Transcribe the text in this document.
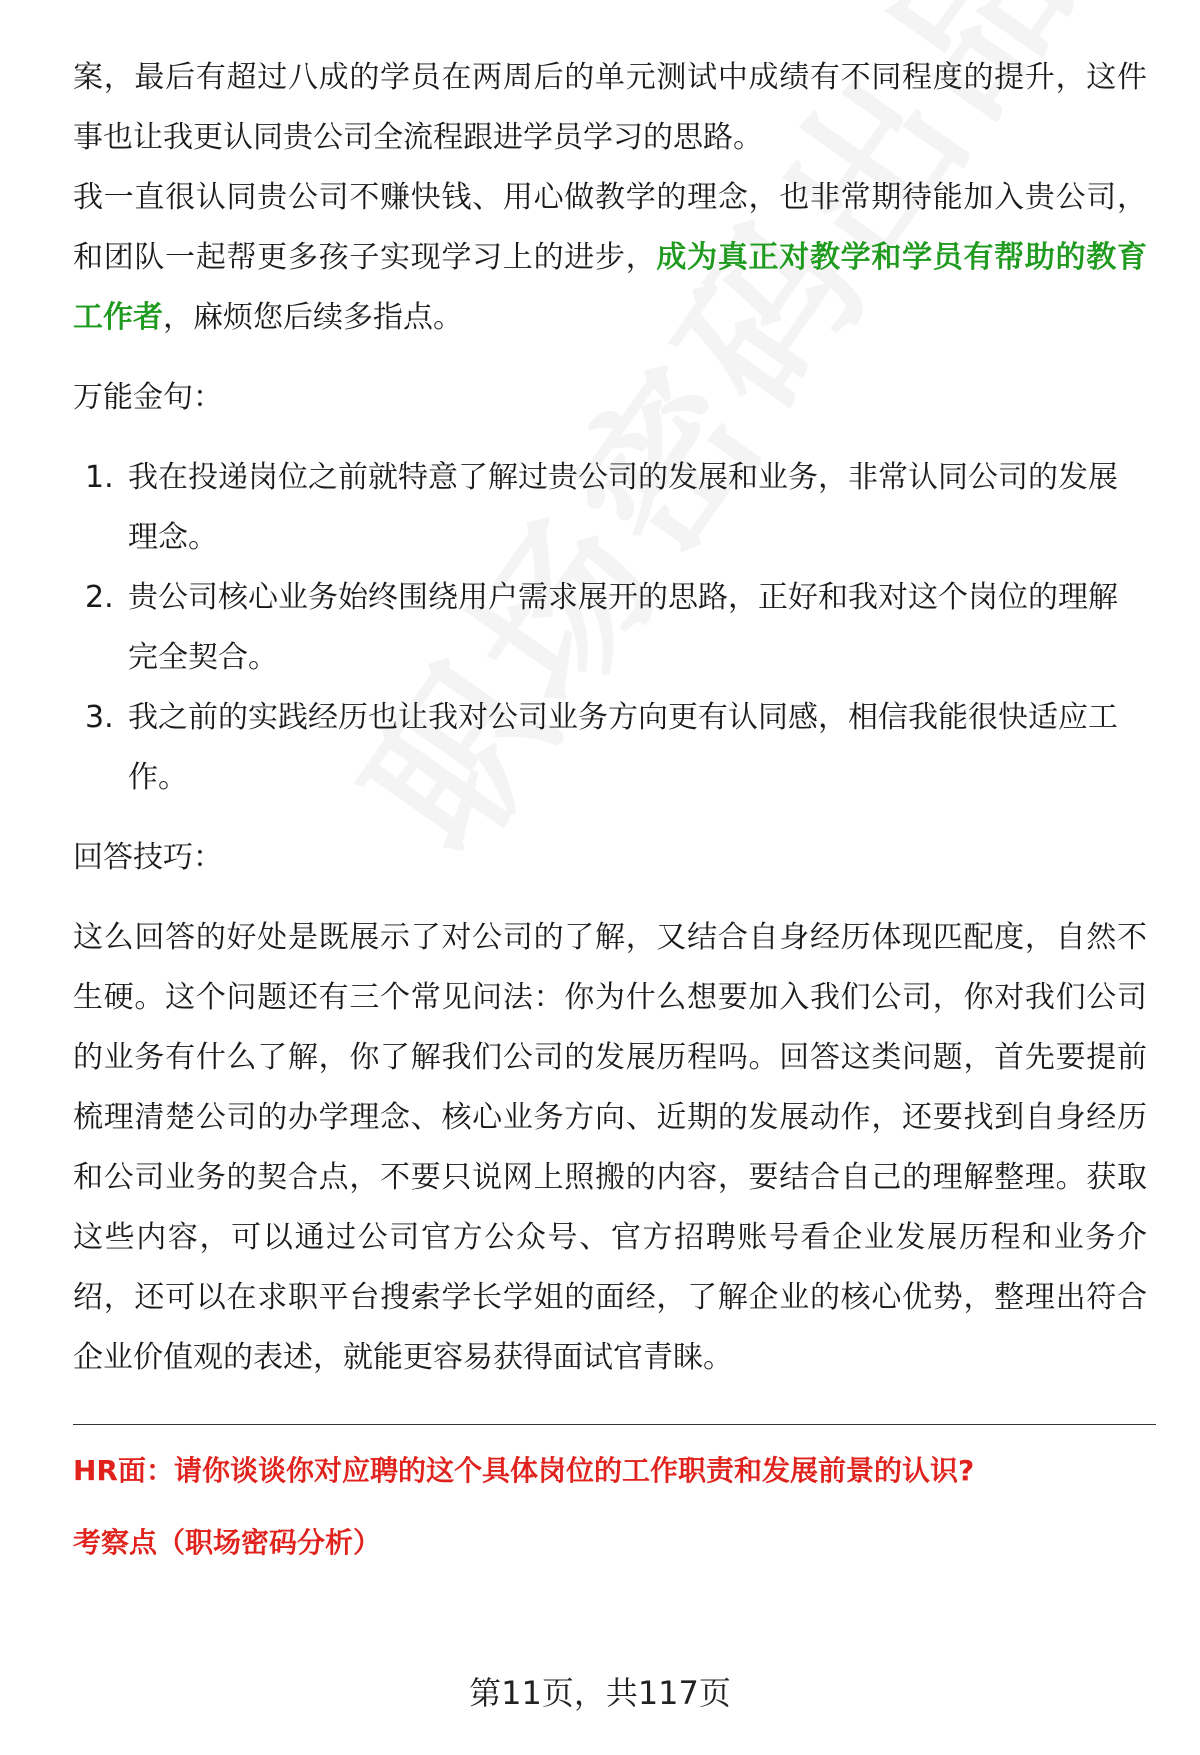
案，最后有超过八成的学员在两周后的单元测试中成绩有不同程度的提升，这件事也让我更认同贵公司全流程跟进学员学习的思路。

我一直很认同贵公司不赚快钱、用心做教学的理念，也非常期待能加入贵公司，和团队一起帮更多孩子实现学习上的进步，成为真正对教学和学员有帮助的教育工作者，麻烦您后续多指点。

万能金句：

1. 我在投递岗位之前就特意了解过贵公司的发展和业务，非常认同公司的发展理念。
2. 贵公司核心业务始终围绕用户需求展开的思路，正好和我对这个岗位的理解完全契合。
3. 我之前的实践经历也让我对公司业务方向更有认同感，相信我能很快适应工作。

回答技巧：

这么回答的好处是既展示了对公司的了解，又结合自身经历体现匹配度，自然不生硬。这个问题还有三个常见问法：你为什么想要加入我们公司，你对我们公司的业务有什么了解，你了解我们公司的发展历程吗。回答这类问题，首先要提前梳理清楚公司的办学理念、核心业务方向、近期的发展动作，还要找到自身经历和公司业务的契合点，不要只说网上照搬的内容，要结合自己的理解整理。获取这些内容，可以通过公司官方公众号、官方招聘账号看企业发展历程和业务介绍，还可以在求职平台搜索学长学姐的面经，了解企业的核心优势，整理出符合企业价值观的表述，就能更容易获得面试官青睐。

HR面：请你谈谈你对应聘的这个具体岗位的工作职责和发展前景的认识?

考察点（职场密码分析）

第11页，共117页
